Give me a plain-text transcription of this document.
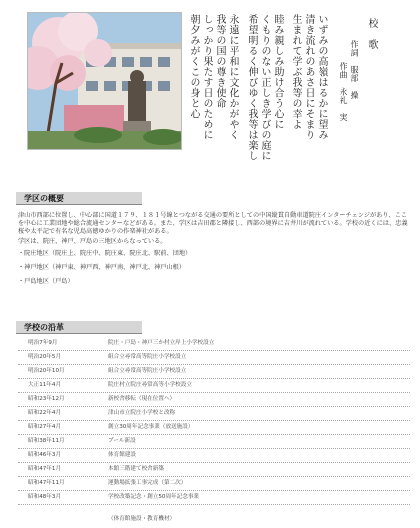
校　歌
作詞　服部　操
作曲　永礼　実
いずみの高嶺はるかに望み
清き流れのあさ日にそまり
生まれて学ぶ我等の幸よ
睦み親しみ助け合う心に
くもりのない正しき学びの庭に
希望明るく伸びゆく我等は楽し
永遠に平和に文化かがやく
我等の国の尊き使命
しっかり果たす日のために
朝夕みがくこの身と心
学区の概要
津山市西部に位置し、中心部に国道１７９、１８１号線とつながる交通の要所としての中国縦貫自動車道院庄インターチェンジがあり、ここを中心に工業団地や総合流通センターなどがある。また、学区は吉田郡と隣接し、西部の境界に吉井川が流れている。学校の近くには、忠義桜や太平記で有名な児島高徳ゆかりの作楽神社がある。
学区は、院庄、神戸、戸島の三地区からなっている。
・院庄地区（院庄上、院庄中、院庄東、院庄北、駅前、団地）
・神戸地区（神戸東、神戸西、神戸南、神戸北、神戸山根）
・戸島地区（戸島）
学校の沿革
明治7年9月	院庄・戸島・神戸三か村立岸上小学校設立
明治20年5月	組合立尋常高等院庄小学校設立
明治20年10月	組合立尋常高等院庄小学校設立
大正11年4月	院庄村立院庄尋常高等小学校設立
昭和23年12月	新校舎移転（現在位置へ）
昭和22年4月	津山市立院庄小学校と改称
昭和27年4月	創立30周年記念事業（放送施設）
昭和38年11月	プール新設
昭和46年3月	体育館建設
昭和47年1月	本館三階建て校舎新築
昭和47年11月	運動場拡張工事完成（第二次）
昭和48年3月	学校改築記念・創立50周年記念事業
（体育館施設・教育機材）
